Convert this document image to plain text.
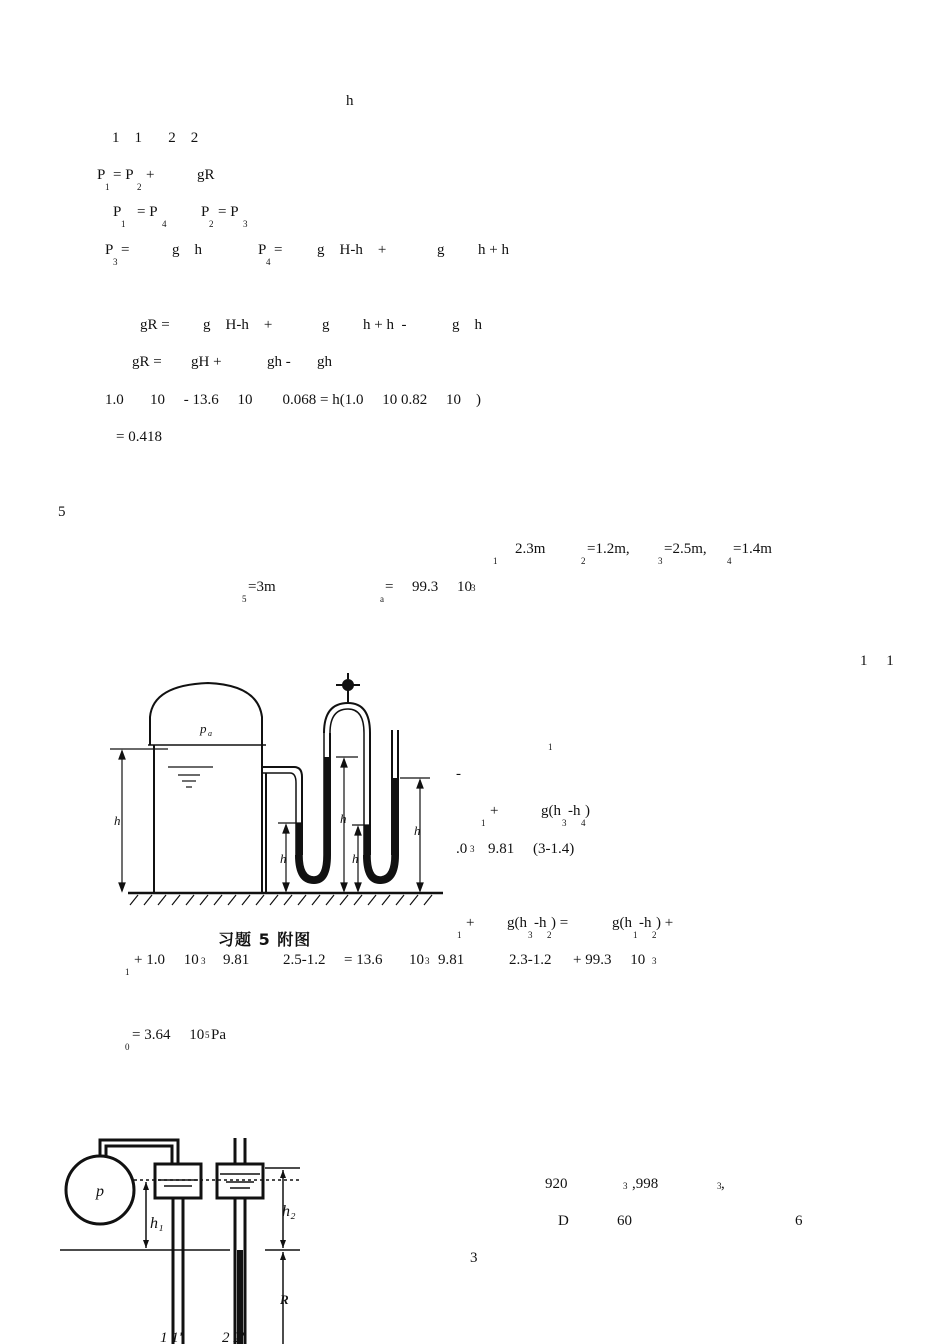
h
1    1       2    2
P
1
= P
2
+	gR
P
1
= P
4
P
2
= P
3
P
3
=	g    h	P
4
= g    H-h    +	g h + h
gR = g    H-h    +	g h + h  -	g    h
gR = gH +	gh - gh
1.0       10     - 13.6     10        0.068 = h(1.0     10 0.82     10    )
= 0.418
5
1
2.3m
2
=1.2m,
3
=2.5m,
4
=1.4m
5
=3m
a
= 99.3     10 3
1     1
p a
h
h
h
h
h
习题 5 附图
1
-
1
+	g(h
3
-h
4
)
.0 3 9.81     (3-1.4)
1
+ g(h
3
-h
2
) =	g(h
1
-h
2
) +
1
+ 1.0     10 3 9.81 2.5-1.2 = 13.6 10 3 9.81	2.3-1.2 + 99.3     10 3
0
= 3.64     10 5 Pa
p
h₁
h₂
R
1 1'	2 2'
920	3 ,998	3 ,
D	60	6
3
